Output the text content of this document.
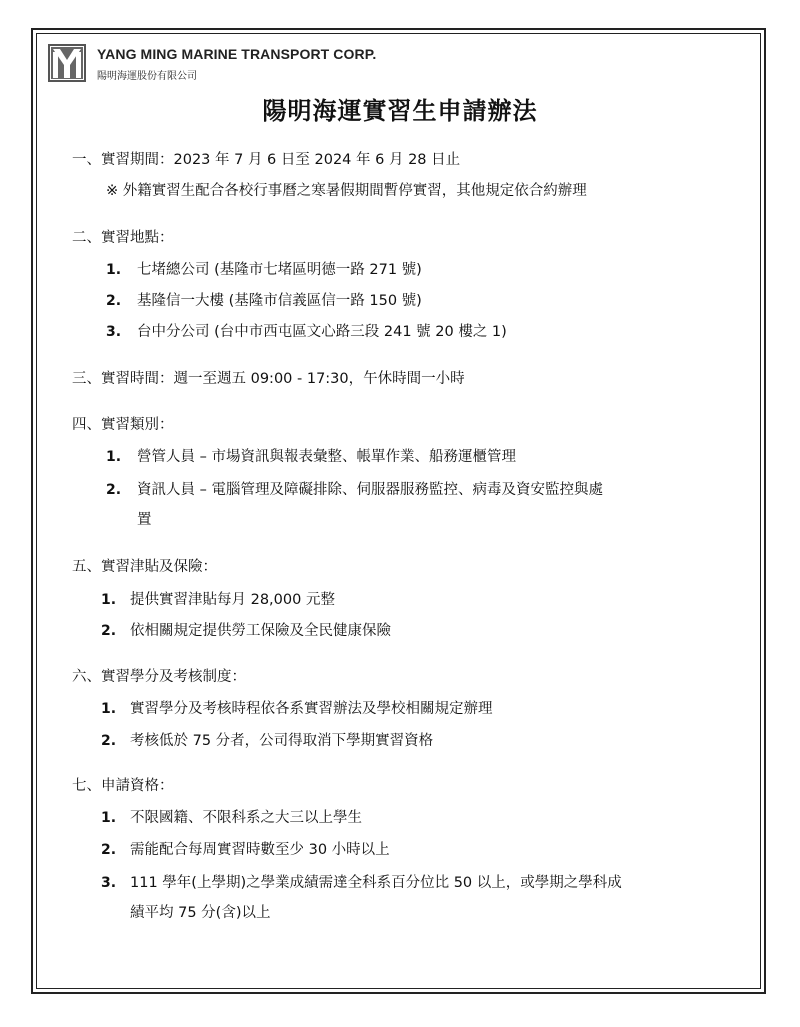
YANG MING MARINE TRANSPORT CORP.
陽明海運股份有限公司
陽明海運實習生申請辦法
一、實習期間：2023 年 7 月 6 日至 2024 年 6 月 28 日止
※ 外籍實習生配合各校行事曆之寒暑假期間暫停實習，其他規定依合約辦理
二、實習地點：
1. 七堵總公司 (基隆市七堵區明德一路 271 號)
2. 基隆信一大樓 (基隆市信義區信一路 150 號)
3. 台中分公司 (台中市西屯區文心路三段 241 號 20 樓之 1)
三、實習時間：週一至週五 09:00 - 17:30，午休時間一小時
四、實習類別：
1. 營管人員 – 市場資訊與報表彙整、帳單作業、船務運櫃管理
2. 資訊人員 – 電腦管理及障礙排除、伺服器服務監控、病毒及資安監控與處
置
五、實習津貼及保險：
1. 提供實習津貼每月 28,000 元整
2. 依相關規定提供勞工保險及全民健康保險
六、實習學分及考核制度：
1. 實習學分及考核時程依各系實習辦法及學校相關規定辦理
2. 考核低於 75 分者，公司得取消下學期實習資格
七、申請資格：
1. 不限國籍、不限科系之大三以上學生
2. 需能配合每周實習時數至少 30 小時以上
3. 111 學年(上學期)之學業成績需達全科系百分位比 50 以上，或學期之學科成
績平均 75 分(含)以上
